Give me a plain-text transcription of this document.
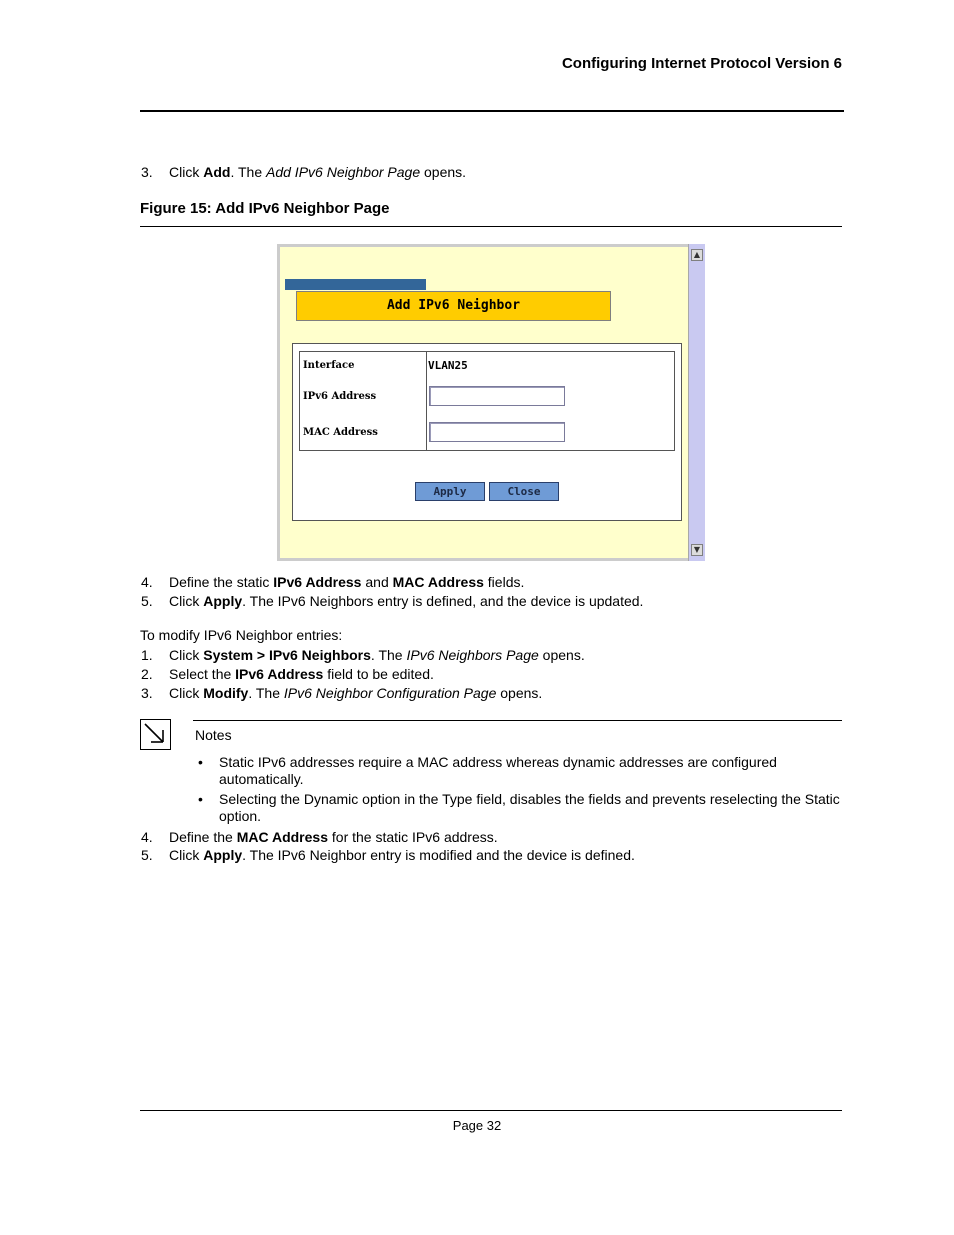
Configuring Internet Protocol Version 6
3. Click Add. The Add IPv6 Neighbor Page opens.
Figure 15: Add IPv6 Neighbor Page
Add IPv6 Neighbor
Interface	VLAN25
IPv6 Address
MAC Address
Apply	Close
▲
▼
4. Define the static IPv6 Address and MAC Address fields.
5. Click Apply. The IPv6 Neighbors entry is defined, and the device is updated.
To modify IPv6 Neighbor entries:
1. Click System > IPv6 Neighbors. The IPv6 Neighbors Page opens.
2. Select the IPv6 Address field to be edited.
3. Click Modify. The IPv6 Neighbor Configuration Page opens.
Notes
• Static IPv6 addresses require a MAC address whereas dynamic addresses are configured
automatically.
• Selecting the Dynamic option in the Type field, disables the fields and prevents reselecting the Static
option.
4. Define the MAC Address for the static IPv6 address.
5. Click Apply. The IPv6 Neighbor entry is modified and the device is defined.
Page 32
